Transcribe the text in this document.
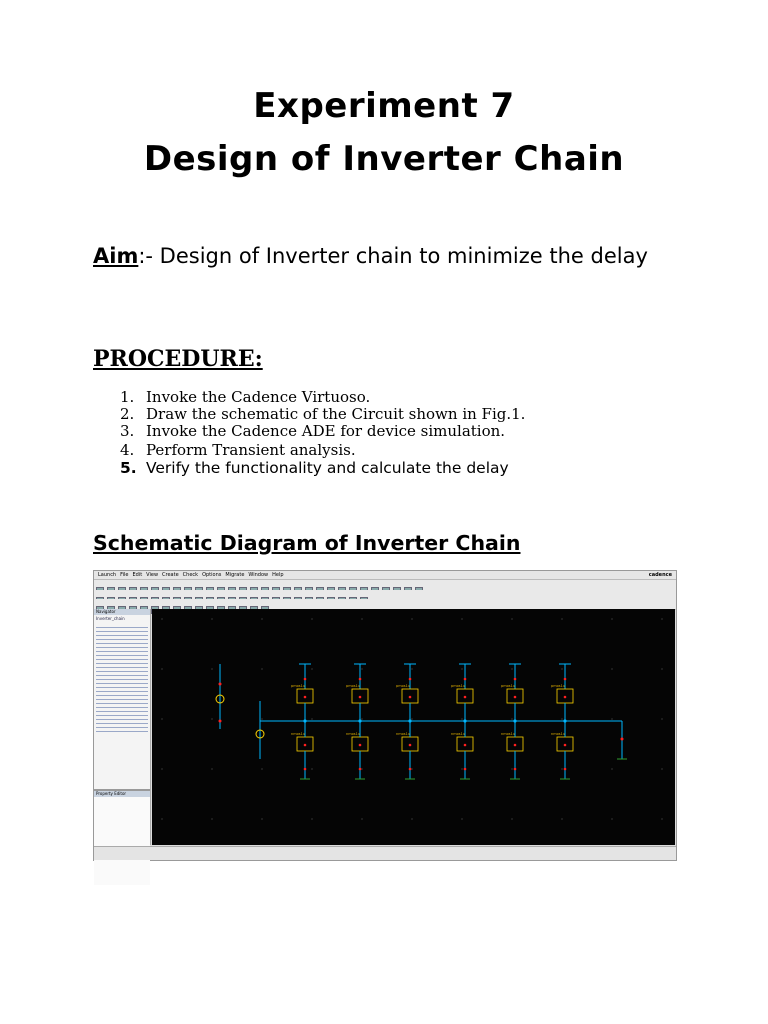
Experiment 7
Design of Inverter Chain
Aim:- Design of Inverter chain to minimize the delay
PROCEDURE:
1. Invoke the Cadence Virtuoso.
2. Draw the schematic of the Circuit shown in Fig.1.
3. Invoke the Cadence ADE for device simulation.
4. Perform Transient analysis.
5. Verify the functionality and calculate the delay
Schematic Diagram of Inverter Chain
Launch File Edit View Create Check Options Migrate Window Help	cadence
Navigator
Inverter_chain
Property Editor
pmos1v
nmos1v
pmos1v
nmos1v
pmos1v
nmos1v
pmos1v
nmos1v
pmos1v
nmos1v
pmos1v
nmos1v
